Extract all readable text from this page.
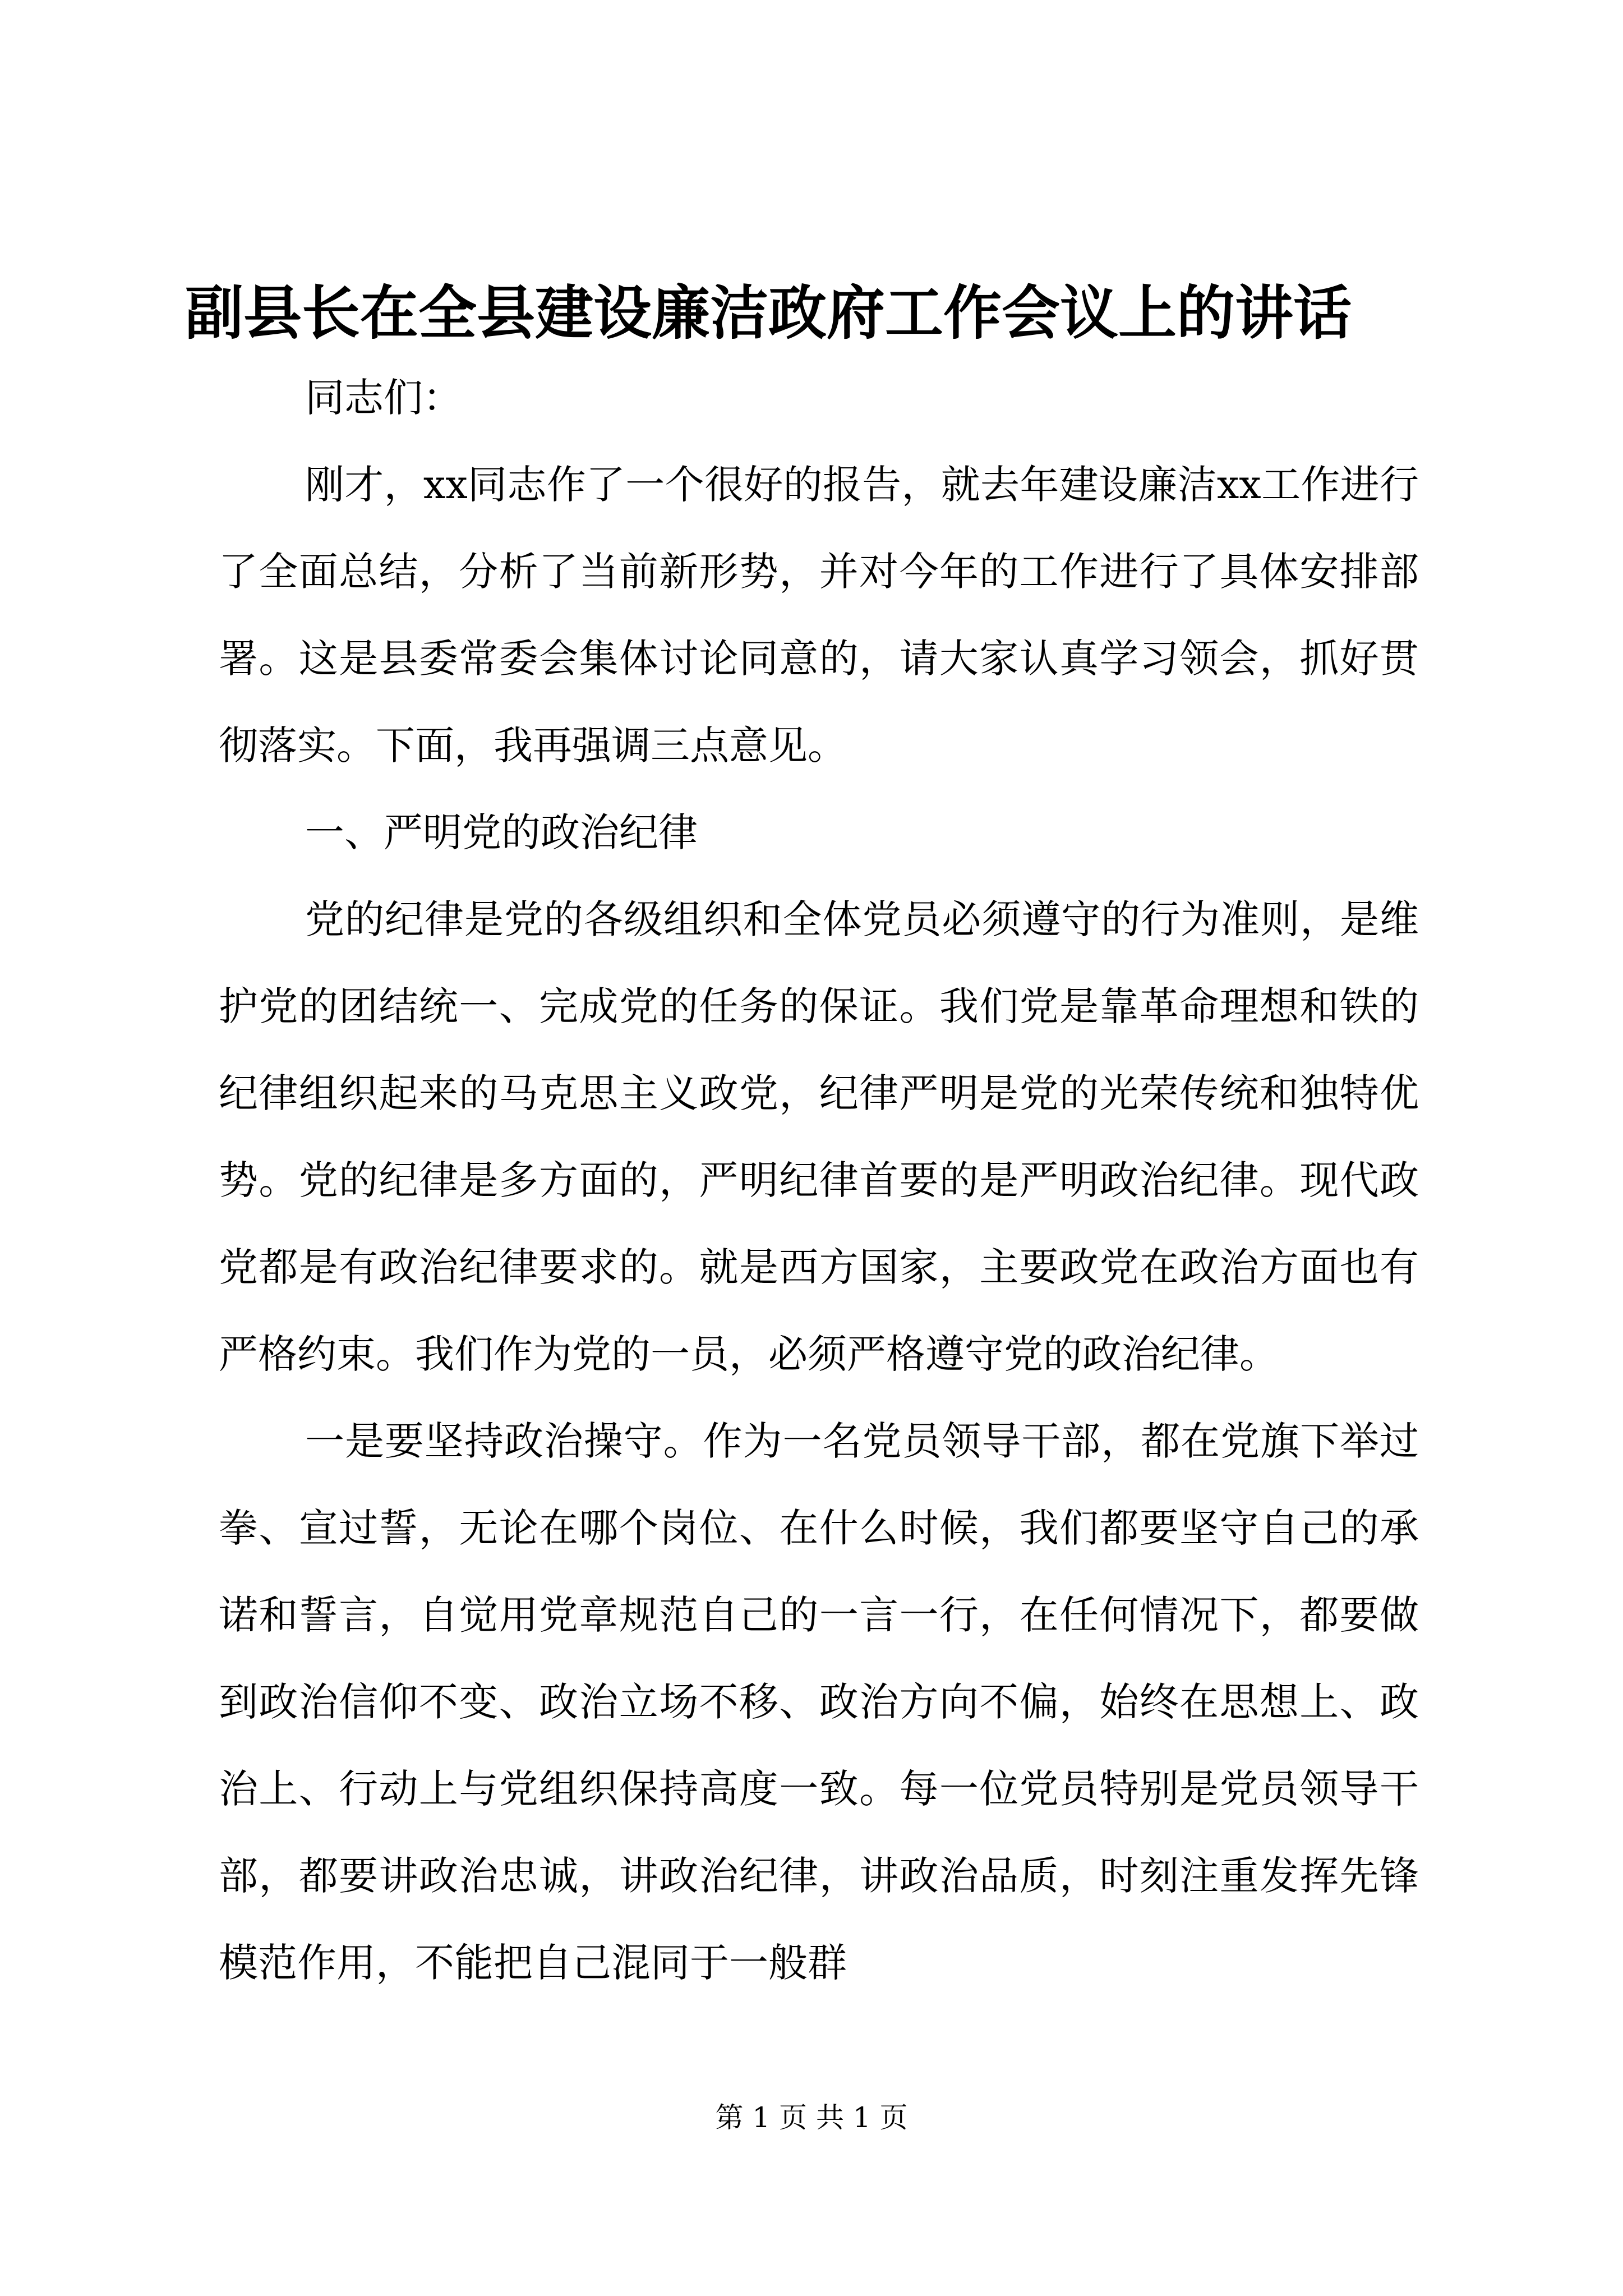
副县长在全县建设廉洁政府工作会议上的讲话

同志们：

刚才，xx同志作了一个很好的报告，就去年建设廉洁xx工作进行了全面总结，分析了当前新形势，并对今年的工作进行了具体安排部署。这是县委常委会集体讨论同意的，请大家认真学习领会，抓好贯彻落实。下面，我再强调三点意见。

一、严明党的政治纪律

党的纪律是党的各级组织和全体党员必须遵守的行为准则，是维护党的团结统一、完成党的任务的保证。我们党是靠革命理想和铁的纪律组织起来的马克思主义政党，纪律严明是党的光荣传统和独特优势。党的纪律是多方面的，严明纪律首要的是严明政治纪律。现代政党都是有政治纪律要求的。就是西方国家，主要政党在政治方面也有严格约束。我们作为党的一员，必须严格遵守党的政治纪律。

一是要坚持政治操守。作为一名党员领导干部，都在党旗下举过拳、宣过誓，无论在哪个岗位、在什么时候，我们都要坚守自己的承诺和誓言，自觉用党章规范自己的一言一行，在任何情况下，都要做到政治信仰不变、政治立场不移、政治方向不偏，始终在思想上、政治上、行动上与党组织保持高度一致。每一位党员特别是党员领导干部，都要讲政治忠诚，讲政治纪律，讲政治品质，时刻注重发挥先锋模范作用，不能把自己混同于一般群

第 1 页 共 1 页
